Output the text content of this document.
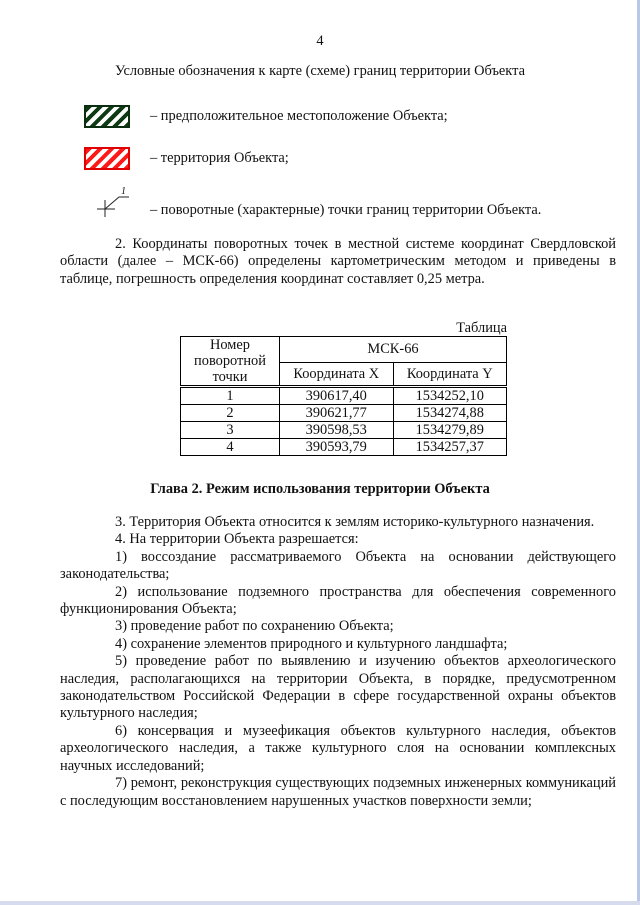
4
Условные обозначения к карте (схеме) границ территории Объекта
– предположительное местоположение Объекта;
– территория Объекта;
1
– поворотные (характерные) точки границ территории Объекта.
2. Координаты поворотных точек в местной системе координат Свердловской области (далее – МСК-66) определены картометрическим методом и приведены в таблице, погрешность определения координат составляет 0,25 метра.
Таблица
Номер поворотной точки	МСК-66	
	Координата X	Координата Y
1	390617,40	1534252,10
2	390621,77	1534274,88
3	390598,53	1534279,89
4	390593,79	1534257,37
Глава 2. Режим использования территории Объекта

3. Территория Объекта относится к землям историко-культурного назначения.

4. На территории Объекта разрешается:

1) воссоздание рассматриваемого Объекта на основании действующего законодательства;

2) использование подземного пространства для обеспечения современного функционирования Объекта;

3) проведение работ по сохранению Объекта;

4) сохранение элементов природного и культурного ландшафта;

5) проведение работ по выявлению и изучению объектов археологического наследия, располагающихся на территории Объекта, в порядке, предусмотренном законодательством Российской Федерации в сфере государственной охраны объектов культурного наследия;

6) консервация и музеефикация объектов культурного наследия, объектов археологического наследия, а также культурного слоя на основании комплексных научных исследований;

7) ремонт, реконструкция существующих подземных инженерных коммуникаций с последующим восстановлением нарушенных участков поверхности земли;
